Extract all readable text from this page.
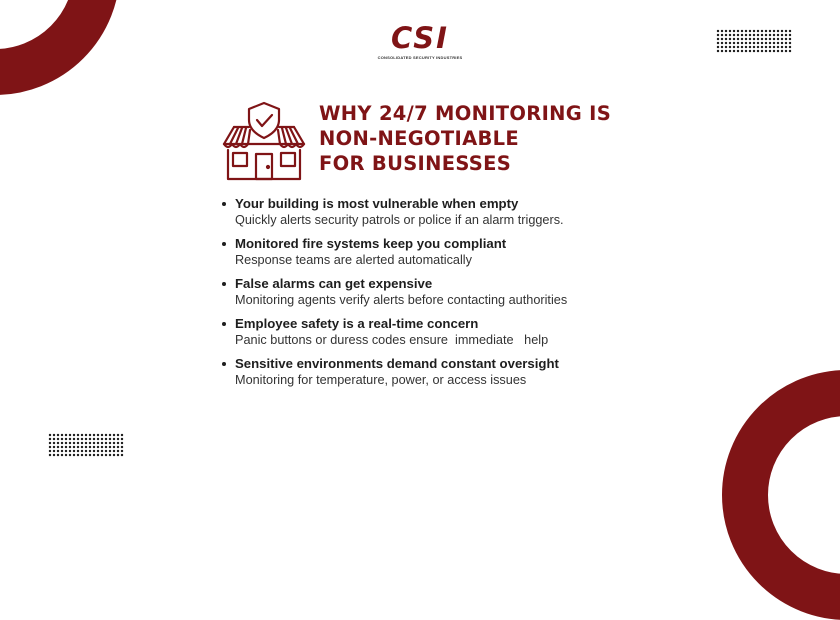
CSI
CONSOLIDATED SECURITY INDUSTRIES
WHY 24/7 MONITORING IS
NON-NEGOTIABLE
FOR BUSINESSES
Your building is most vulnerable when empty
Quickly alerts security patrols or police if an alarm triggers.
Monitored fire systems keep you compliant
Response teams are alerted automatically
False alarms can get expensive
Monitoring agents verify alerts before contacting authorities
Employee safety is a real-time concern
Panic buttons or duress codes ensure  immediate   help
Sensitive environments demand constant oversight
Monitoring for temperature, power, or access issues
